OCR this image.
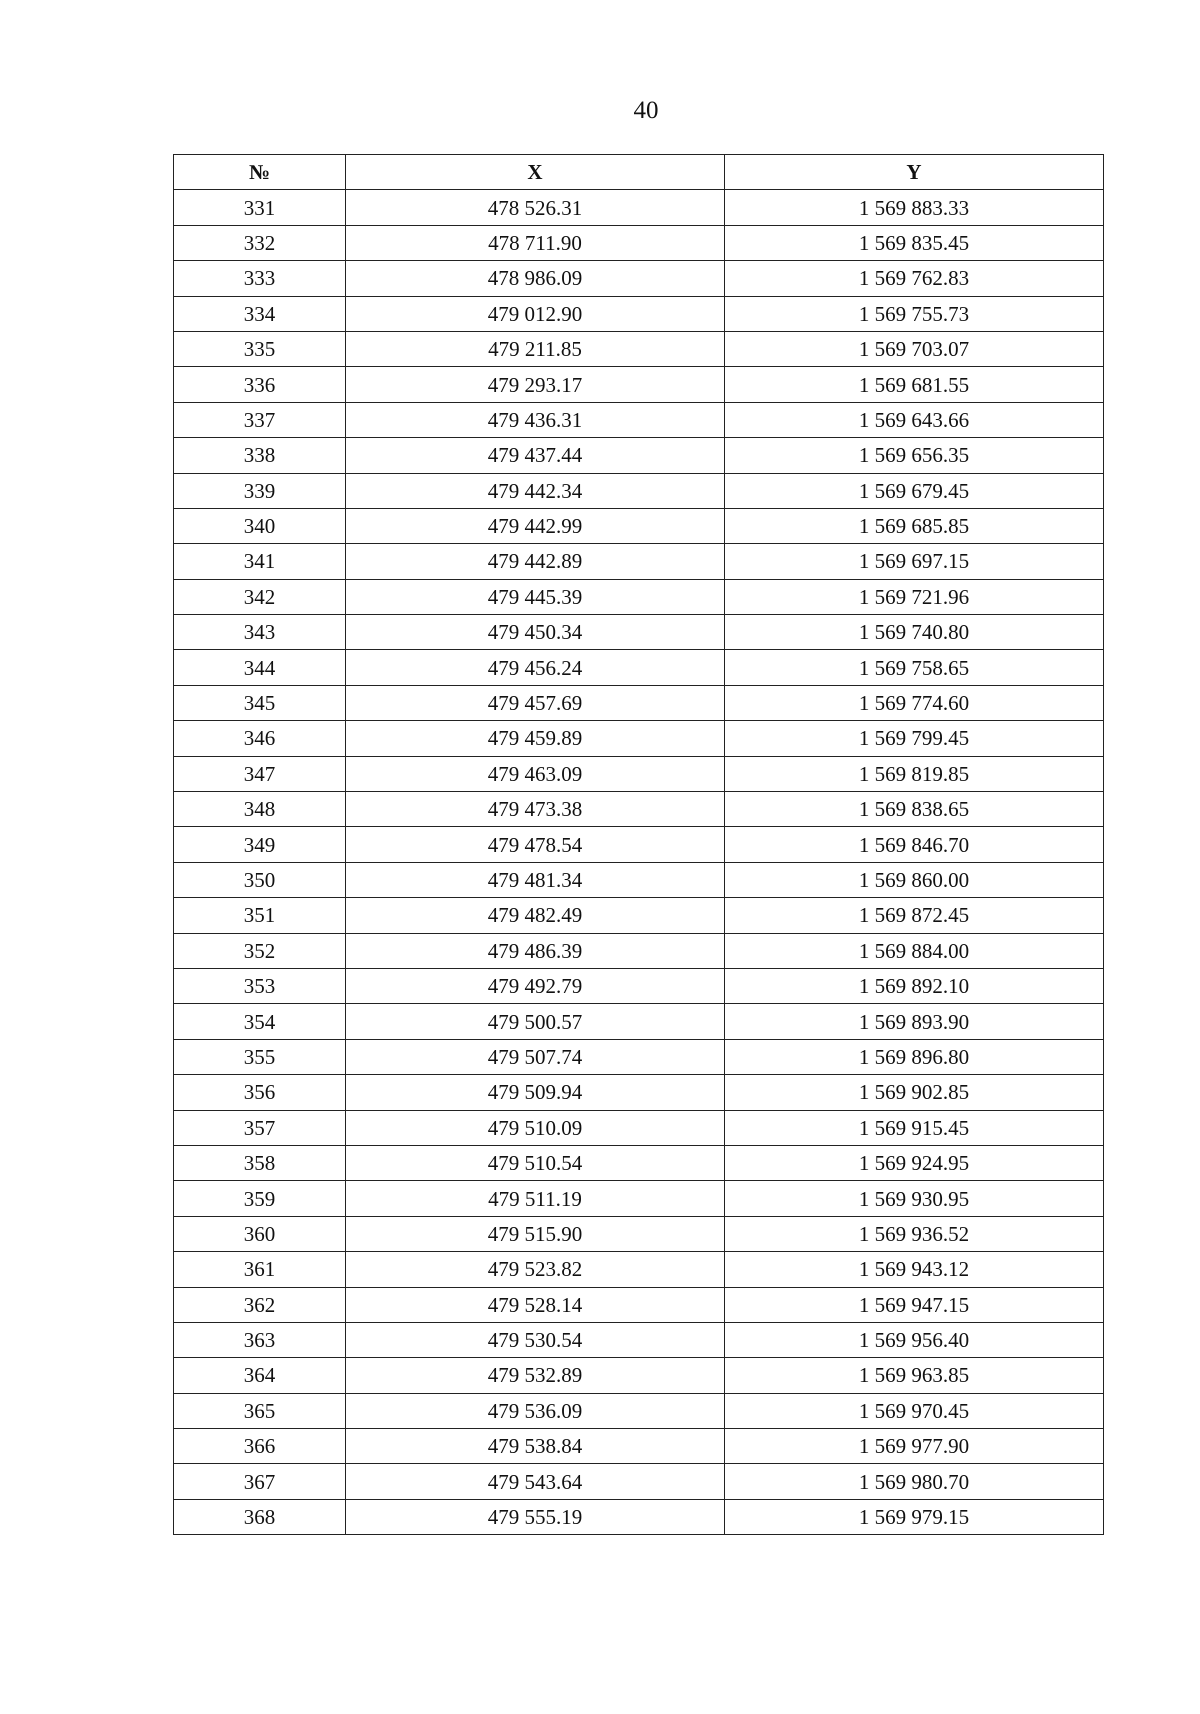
40
№	X	Y
331	478 526.31	1 569 883.33
332	478 711.90	1 569 835.45
333	478 986.09	1 569 762.83
334	479 012.90	1 569 755.73
335	479 211.85	1 569 703.07
336	479 293.17	1 569 681.55
337	479 436.31	1 569 643.66
338	479 437.44	1 569 656.35
339	479 442.34	1 569 679.45
340	479 442.99	1 569 685.85
341	479 442.89	1 569 697.15
342	479 445.39	1 569 721.96
343	479 450.34	1 569 740.80
344	479 456.24	1 569 758.65
345	479 457.69	1 569 774.60
346	479 459.89	1 569 799.45
347	479 463.09	1 569 819.85
348	479 473.38	1 569 838.65
349	479 478.54	1 569 846.70
350	479 481.34	1 569 860.00
351	479 482.49	1 569 872.45
352	479 486.39	1 569 884.00
353	479 492.79	1 569 892.10
354	479 500.57	1 569 893.90
355	479 507.74	1 569 896.80
356	479 509.94	1 569 902.85
357	479 510.09	1 569 915.45
358	479 510.54	1 569 924.95
359	479 511.19	1 569 930.95
360	479 515.90	1 569 936.52
361	479 523.82	1 569 943.12
362	479 528.14	1 569 947.15
363	479 530.54	1 569 956.40
364	479 532.89	1 569 963.85
365	479 536.09	1 569 970.45
366	479 538.84	1 569 977.90
367	479 543.64	1 569 980.70
368	479 555.19	1 569 979.15
